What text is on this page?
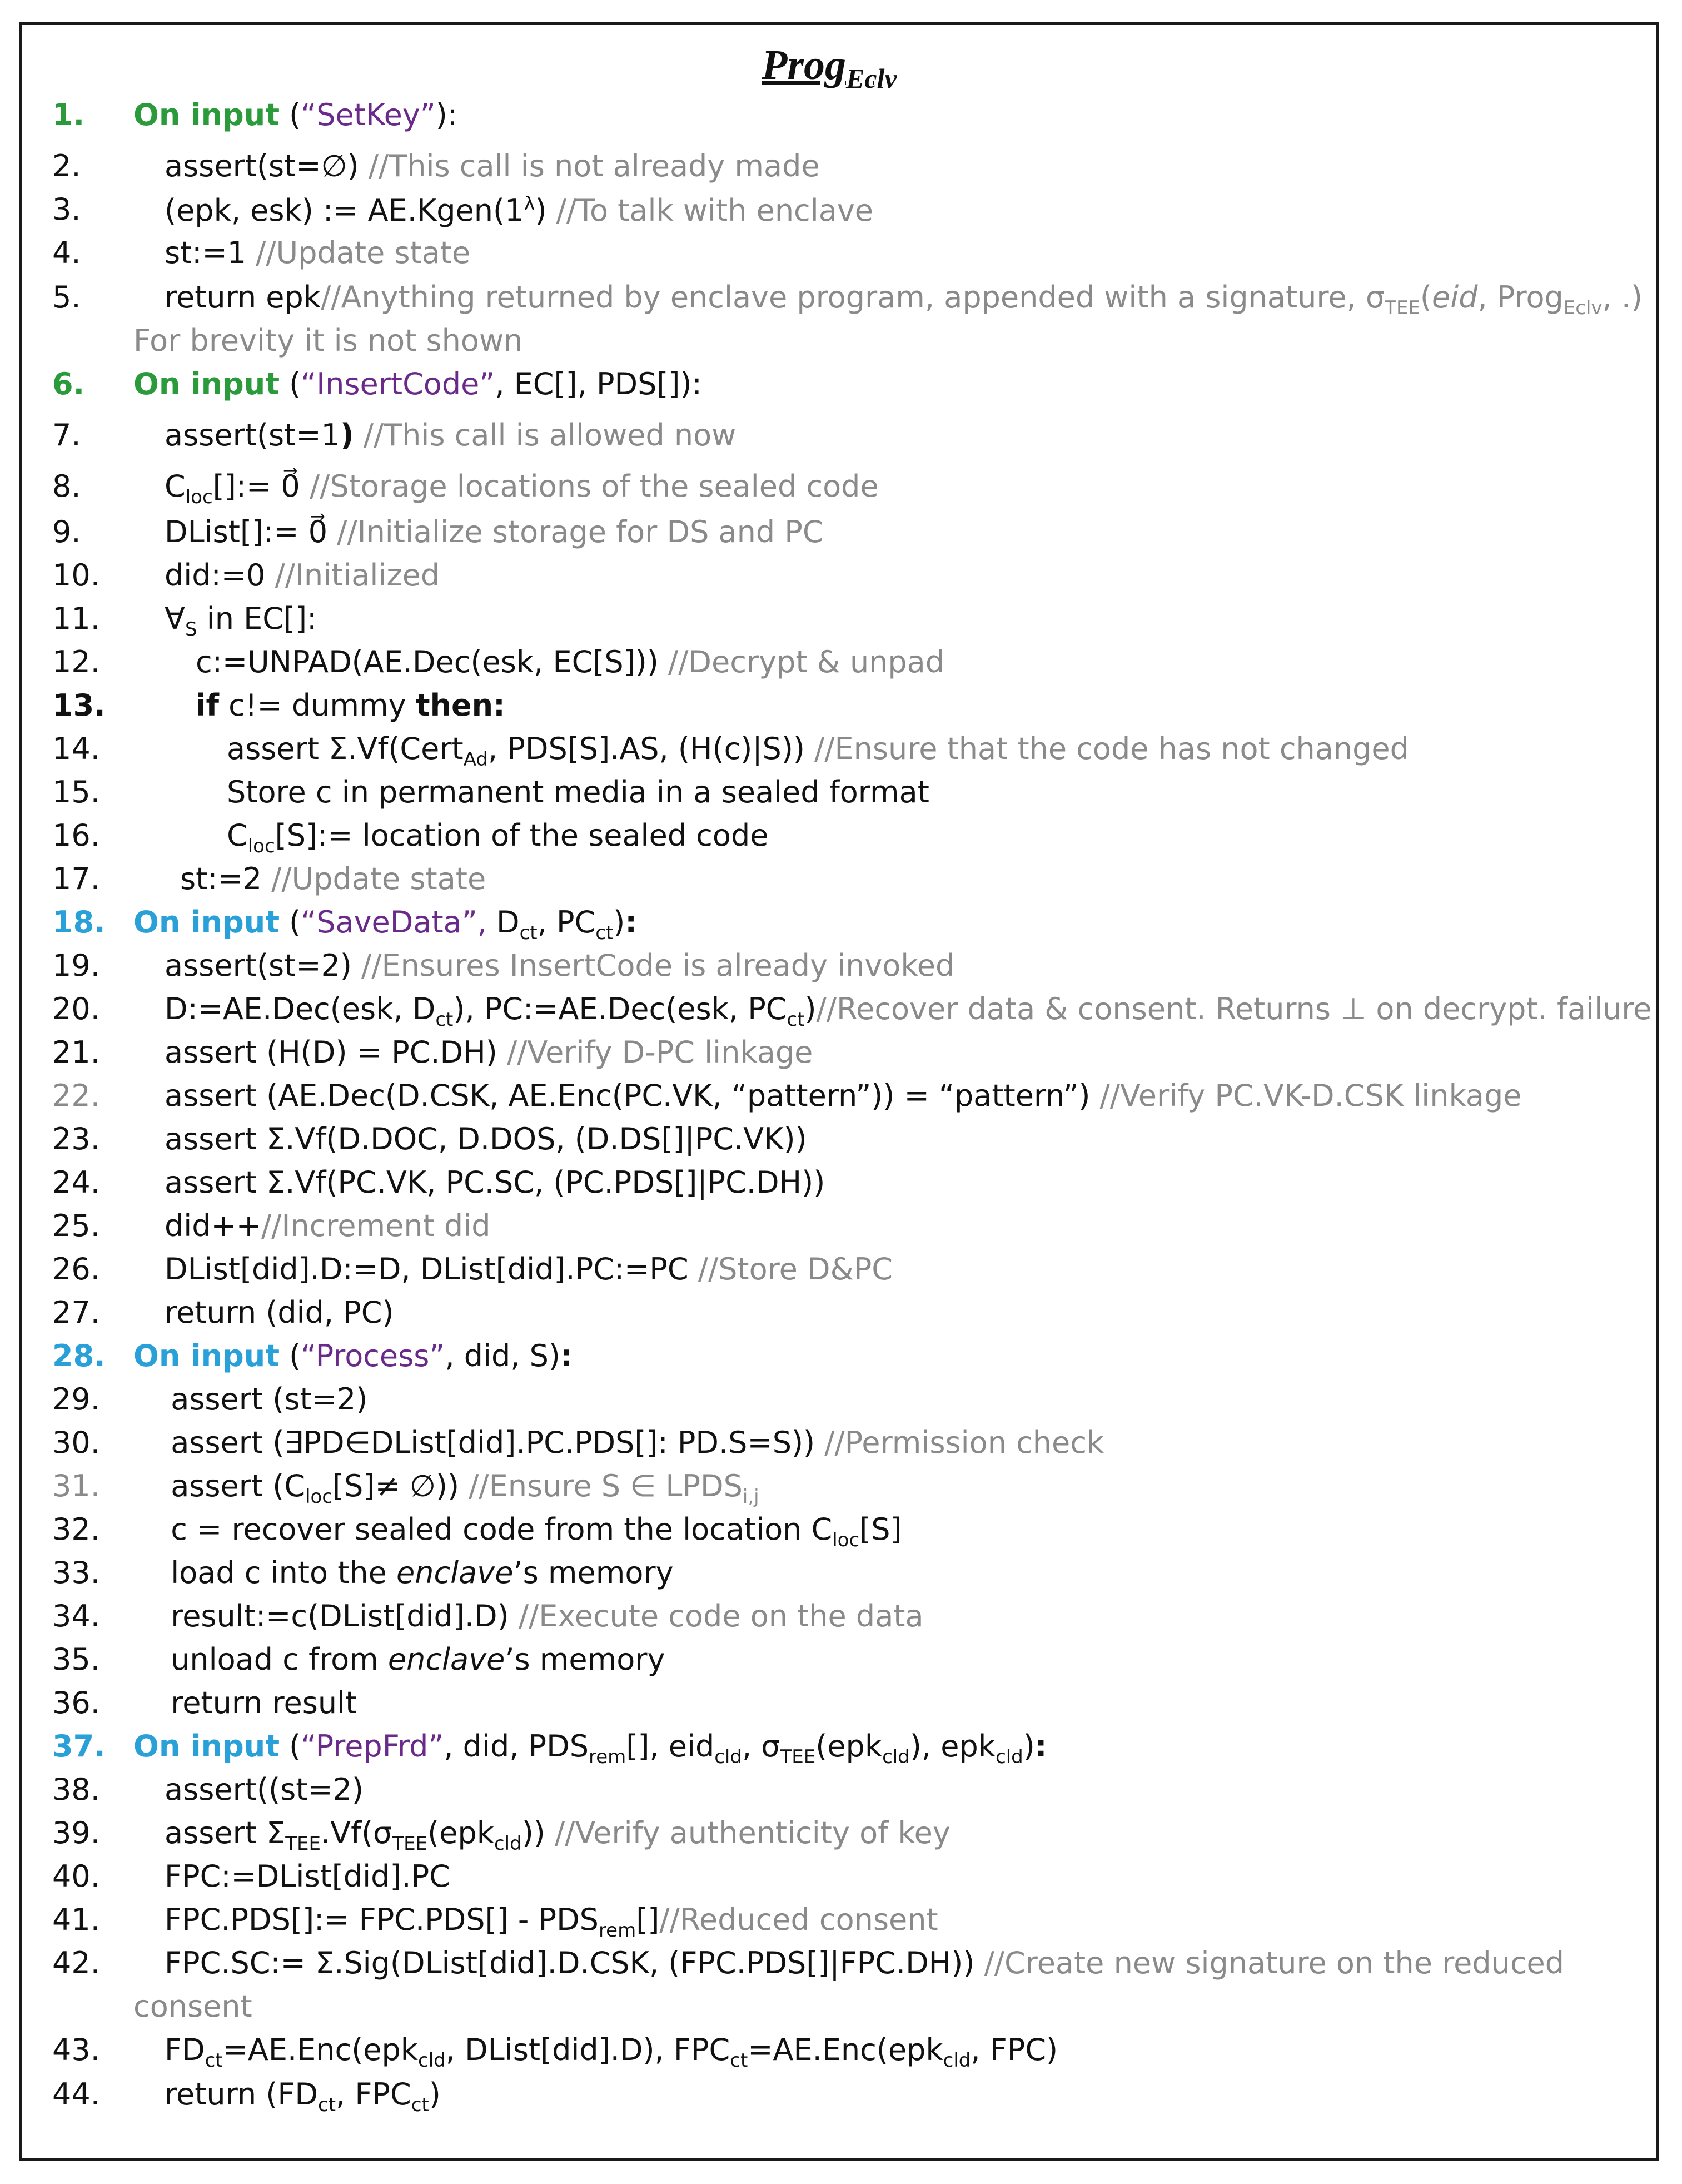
Prog$_{Eclv}$
1.	On input (“SetKey”):
2.	assert(st=∅) //This call is not already made
3.	(epk, esk) := $AE.Kgen(1^\lambda)$ //To talk with enclave
4.	st:=1 //Update state
5.	return epk//Anything returned by enclave program, appended with a signature, $\sigma_{TEE}(eid$, Prog$_{Eclv}$, .)
For brevity it is not shown
6.	On input (“InsertCode”, EC[], PDS[]):
7.	assert(st=1) //This call is allowed now
8.	$C_{loc}[]:=$ 0⃗ //Storage locations of the sealed code
9.	DList[]:= 0⃗ //Initialize storage for DS and PC
10.	did:=0 //Initialized
11.	$\forall_S$ in EC[]:
12.	c:=UNPAD(AE.Dec(esk, EC[S])) //Decrypt & unpad
13.	if c!= dummy then:
14.	assert Σ.Vf(Cert$_{Ad}$, PDS[S].AS, (H(c)|S)) //Ensure that the code has not changed
15.	Store c in permanent media in a sealed format
16.	$C_{loc}[S]:=$ location of the sealed code
17.	st:=2 //Update state
18. On input (“SaveData”, $D_{ct}$, $PC_{ct}$):
19.	assert(st=2) //Ensures InsertCode is already invoked
20.	D:=AE.Dec(esk, $D_{ct}$), PC:=AE.Dec(esk, $PC_{ct})/$/Recover data & consent. Returns ⊥ on decrypt. failure
21.	assert (H(D) = PC.DH) //Verify D-PC linkage
22.	assert (AE.Dec(D.CSK, AE.Enc(PC.VK, “pattern”)) = “pattern”) //Verify PC.VK-D.CSK linkage
23.	assert Σ.Vf(D.DOC, D.DOS, (D.DS[]|PC.VK))
24.	assert Σ.Vf(PC.VK, PC.SC, (PC.PDS[]|PC.DH))
25.	did++//Increment did
26.	DList[did].D:=D, DList[did].PC:=PC //Store D&PC
27.	return (did, PC)
28. On input (“Process”, did, S):
29.	assert (st=2)
30.	assert (∃PD∈DList[did].PC.PDS[]: PD.S=S)) //Permission check
31.	assert ($C_{loc}[S]\ne$ ∅)) //Ensure S ∈ $LPDS_{i,j}$
32.	c = recover sealed code from the location $C_{loc}[S]$
33.	load c into the enclave’s memory
34.	result:=c(DList[did].D) //Execute code on the data
35.	unload c from enclave’s memory
36.	return result
37. On input (“PrepFrd”, did, $PDS_{rem}[]$, eid$_{cld}$, $\sigma_{TEE}(epk_{cld})$, epk$_{cld}$):
38.	assert((st=2)
39.	assert $\Sigma_{TEE}.Vf(\sigma_{TEE}(epk_{cld}))$ //Verify authenticity of key
40.	FPC:=DList[did].PC
41.	FPC.PDS[]:= $FPC.PDS[] - PDS_{rem}[]/$/Reduced consent
42.	FPC.SC:= Σ.Sig(DList[did].D.CSK, (FPC.PDS[]|FPC.DH)) //Create new signature on the reduced
consent
43.	$FD_{ct}=AE.Enc(epk_{cld}$, DList[did].D), $FPC_{ct}=AE.Enc(epk_{cld}$, FPC)
44.	return ($FD_{ct}$, $FPC_{ct}$)
